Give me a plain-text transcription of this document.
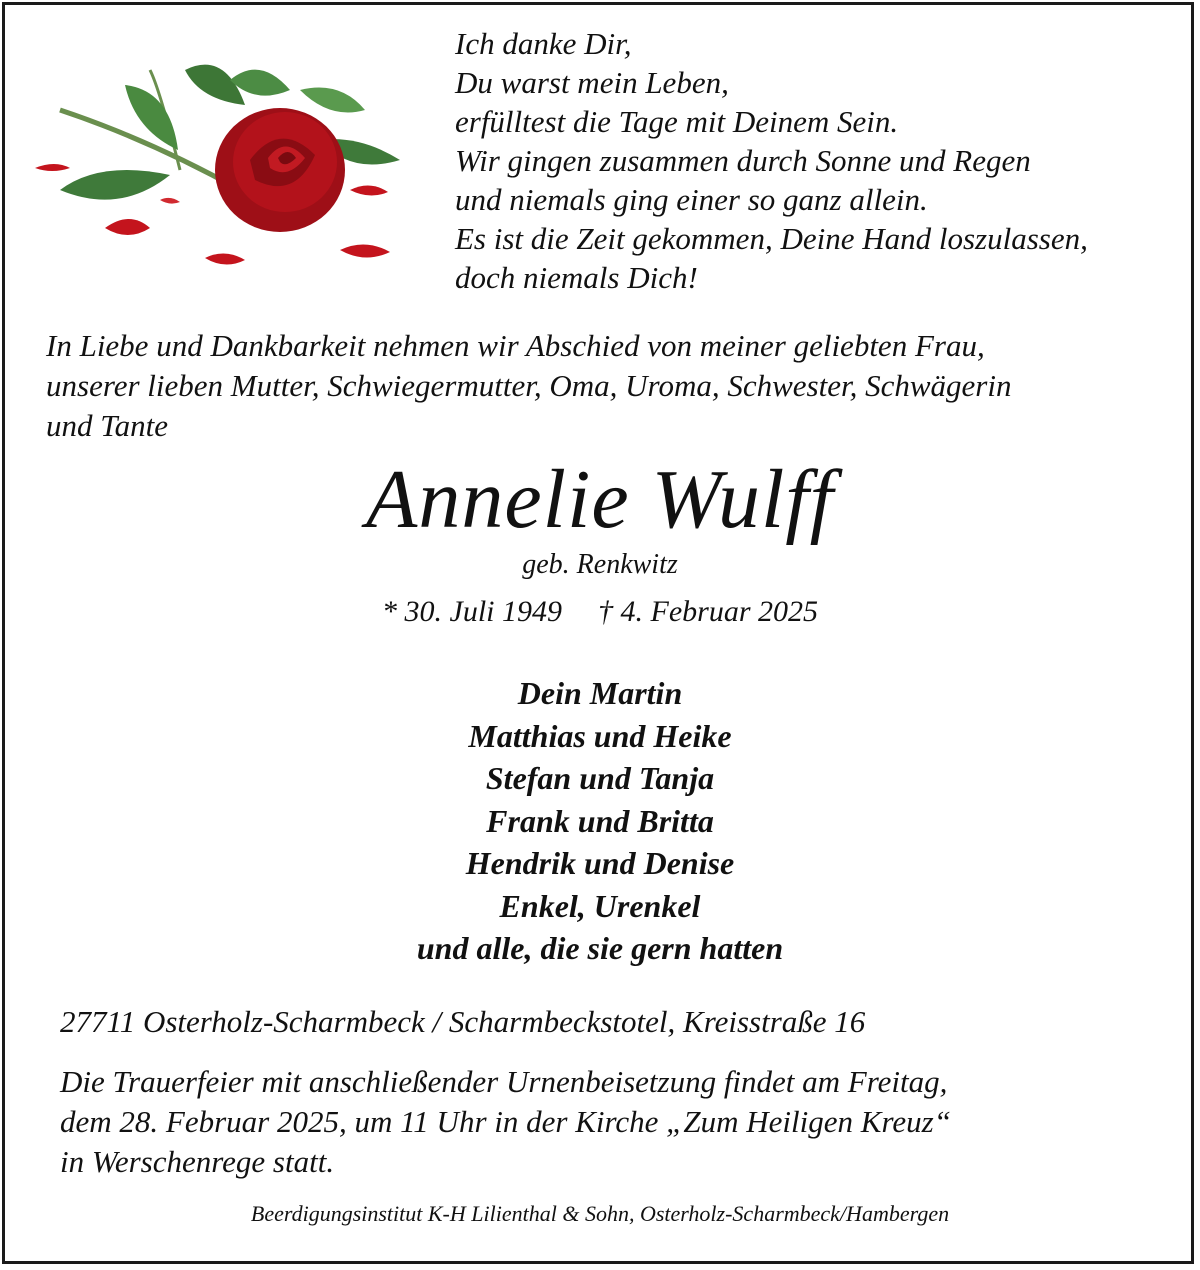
Ich danke Dir,
Du warst mein Leben,
erfülltest die Tage mit Deinem Sein.
Wir gingen zusammen durch Sonne und Regen
und niemals ging einer so ganz allein.
Es ist die Zeit gekommen, Deine Hand loszulassen,
doch niemals Dich!
In Liebe und Dankbarkeit nehmen wir Abschied von meiner geliebten Frau,
unserer lieben Mutter, Schwiegermutter, Oma, Uroma, Schwester, Schwägerin
und Tante
Annelie Wulff
geb. Renkwitz
* 30. Juli 1949 † 4. Februar 2025
Dein Martin
Matthias und Heike
Stefan und Tanja
Frank und Britta
Hendrik und Denise
Enkel, Urenkel
und alle, die sie gern hatten
27711 Osterholz-Scharmbeck / Scharmbeckstotel, Kreisstraße 16
Die Trauerfeier mit anschließender Urnenbeisetzung findet am Freitag,
dem 28. Februar 2025, um 11 Uhr in der Kirche „Zum Heiligen Kreuz“
in Werschenrege statt.
Beerdigungsinstitut K-H Lilienthal & Sohn, Osterholz-Scharmbeck/Hambergen
